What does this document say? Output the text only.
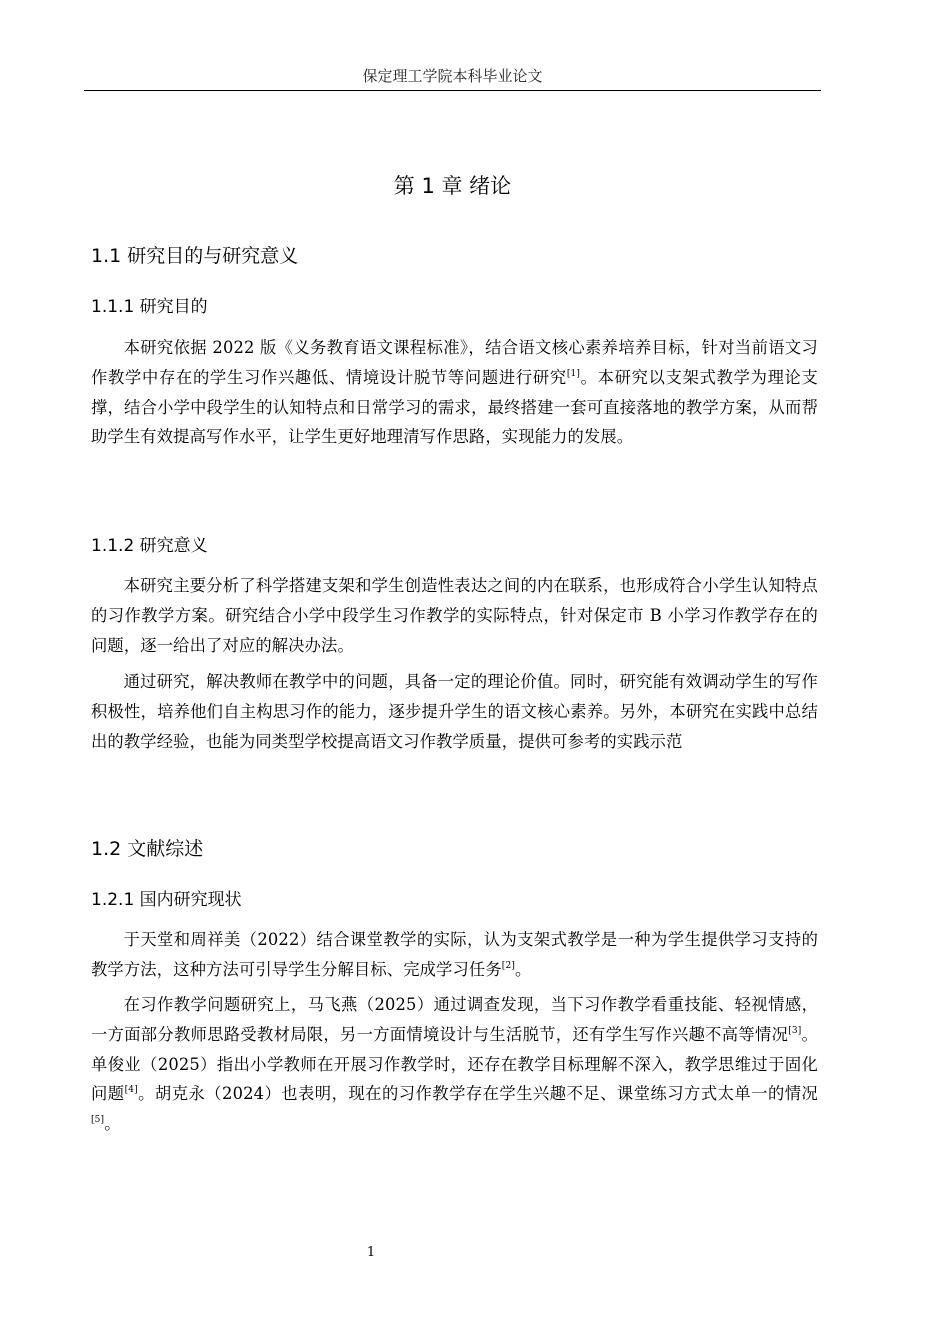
保定理工学院本科毕业论文
第 1 章 绪论
1.1 研究目的与研究意义
1.1.1 研究目的

本研究依据 2022 版《义务教育语文课程标准》，结合语文核心素养培养目标，针对当前语文习作教学中存在的学生习作兴趣低、情境设计脱节等问题进行研究[1]。本研究以支架式教学为理论支撑，结合小学中段学生的认知特点和日常学习的需求，最终搭建一套可直接落地的教学方案，从而帮助学生有效提高写作水平，让学生更好地理清写作思路，实现能力的发展。

1.1.2 研究意义

本研究主要分析了科学搭建支架和学生创造性表达之间的内在联系，也形成符合小学生认知特点的习作教学方案。研究结合小学中段学生习作教学的实际特点，针对保定市 B 小学习作教学存在的问题，逐一给出了对应的解决办法。

通过研究，解决教师在教学中的问题，具备一定的理论价值。同时，研究能有效调动学生的写作积极性，培养他们自主构思习作的能力，逐步提升学生的语文核心素养。另外，本研究在实践中总结出的教学经验，也能为同类型学校提高语文习作教学质量，提供可参考的实践示范

1.2 文献综述
1.2.1 国内研究现状

于天堂和周祥美（2022）结合课堂教学的实际，认为支架式教学是一种为学生提供学习支持的教学方法，这种方法可引导学生分解目标、完成学习任务[2]。

在习作教学问题研究上，马飞燕（2025）通过调查发现，当下习作教学看重技能、轻视情感，一方面部分教师思路受教材局限，另一方面情境设计与生活脱节，还有学生写作兴趣不高等情况[3]。单俊业（2025）指出小学教师在开展习作教学时，还存在教学目标理解不深入，教学思维过于固化问题[4]。胡克永（2024）也表明，现在的习作教学存在学生兴趣不足、课堂练习方式太单一的情况[5]。

1
